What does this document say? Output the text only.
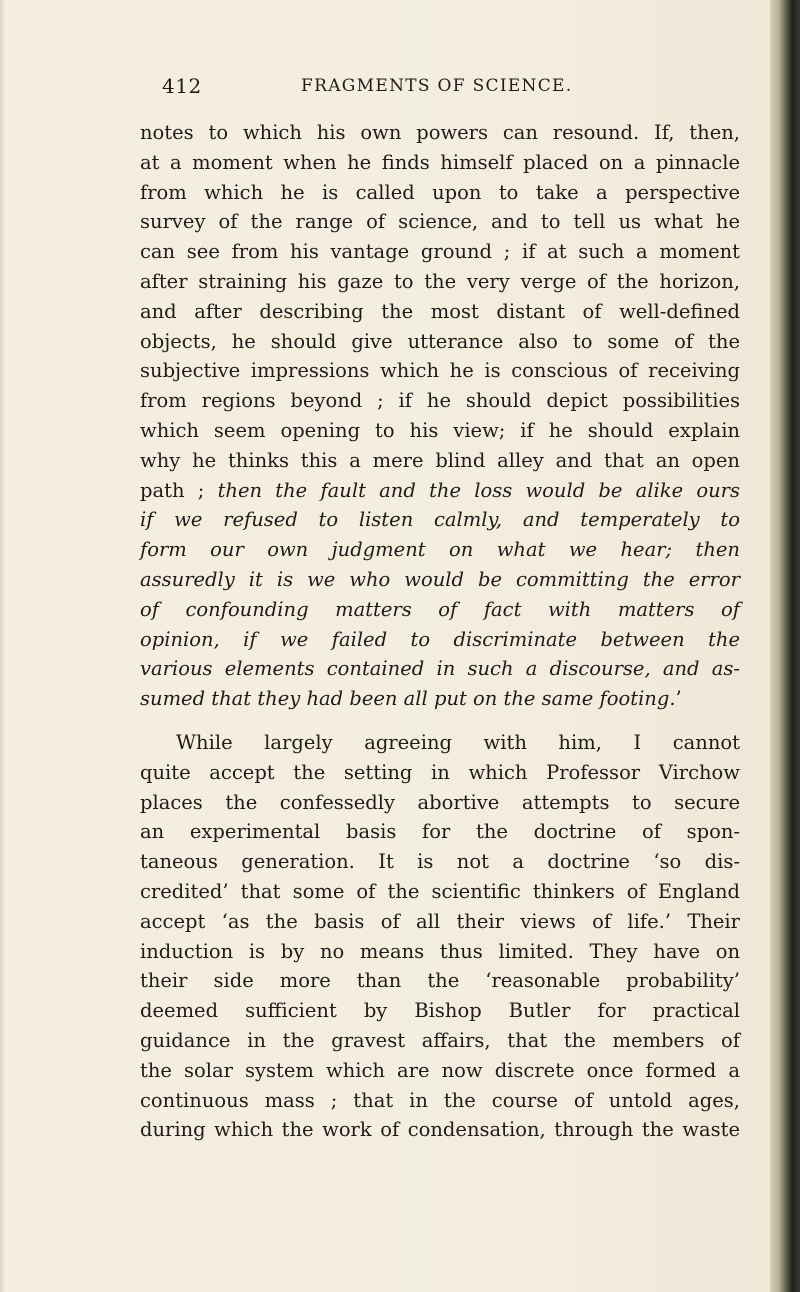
412	FRAGMENTS OF SCIENCE.
notes to which his own powers can resound. If, then,
at a moment when he finds himself placed on a pinnacle
from which he is called upon to take a perspective
survey of the range of science, and to tell us what he
can see from his vantage ground ; if at such a moment
after straining his gaze to the very verge of the horizon,
and after describing the most distant of well-defined
objects, he should give utterance also to some of the
subjective impressions which he is conscious of receiving
from regions beyond ; if he should depict possibilities
which seem opening to his view; if he should explain
why he thinks this a mere blind alley and that an open
path ; then the fault and the loss would be alike ours
if we refused to listen calmly, and temperately to
form our own judgment on what we hear; then
assuredly it is we who would be committing the error
of confounding matters of fact with matters of
opinion, if we failed to discriminate between the
various elements contained in such a discourse, and as-
sumed that they had been all put on the same footing.’
While largely agreeing with him, I cannot
quite accept the setting in which Professor Virchow
places the confessedly abortive attempts to secure
an experimental basis for the doctrine of spon-
taneous generation. It is not a doctrine ‘so dis-
credited’ that some of the scientific thinkers of England
accept ‘as the basis of all their views of life.’ Their
induction is by no means thus limited. They have on
their side more than the ‘reasonable probability’
deemed sufficient by Bishop Butler for practical
guidance in the gravest affairs, that the members of
the solar system which are now discrete once formed a
continuous mass ; that in the course of untold ages,
during which the work of condensation, through the waste
